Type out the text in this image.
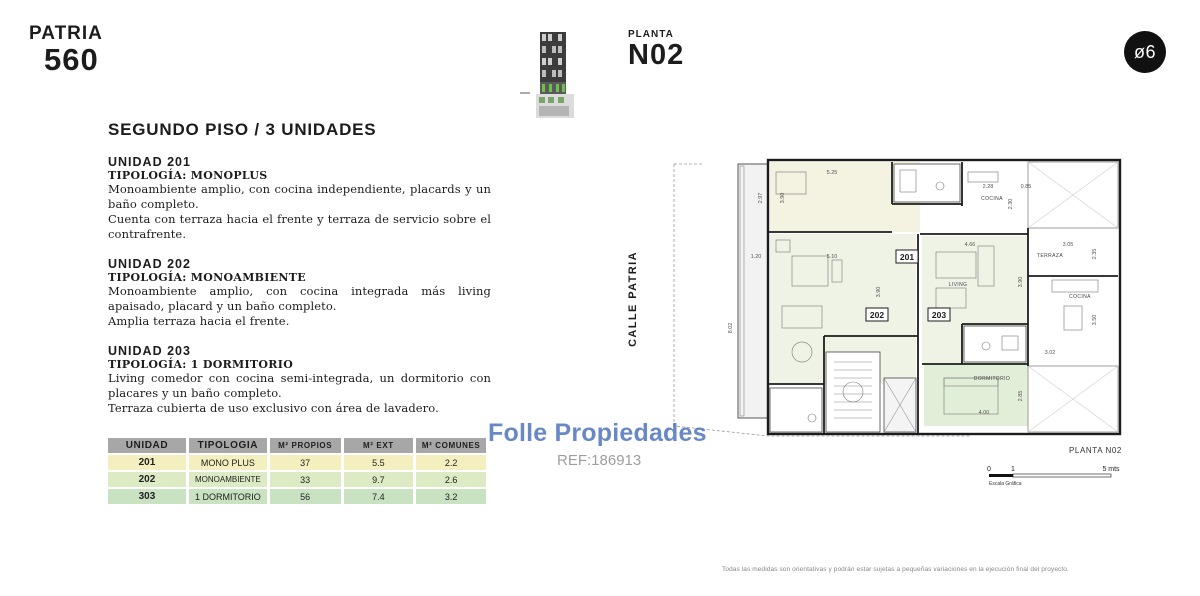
PATRIA
560
PLANTA
N02	ø6
SEGUNDO PISO / 3 UNIDADES
UNIDAD 201
TIPOLOGÍA: MONOPLUS
Monoambiente amplio, con cocina independiente, placards y un baño completo.
Cuenta con terraza hacia el frente y terraza de servicio sobre el contrafrente.
UNIDAD 202
TIPOLOGÍA: MONOAMBIENTE
Monoambiente amplio, con cocina integrada más living apaisado, placard y un baño completo.
Amplia terraza hacia el frente.
UNIDAD 203
TIPOLOGÍA: 1 DORMITORIO
Living comedor con cocina semi-integrada, un dormitorio con placares y un baño completo.
Terraza cubierta de uso exclusivo con área de lavadero.
UNIDAD	TIPOLOGIA	M² PROPIOS	M² EXT	M² COMUNES
201	MONO PLUS	37	5.5	2.2
202	MONOAMBIENTE	33	9.7	2.6
303	1 DORMITORIO	56	7.4	3.2
CALLE PATRIA	201
202	203
COCINA
COCINA
LIVING
TERRAZA
DORMITORIO
5.25
2.28	0.85
3.90
2.97
2.30
4.66	3.05
5.10
1.20
3.90
2.35
3.90
3.50
3.02
8.02
2.85
4.00
Folle Propiedades
REF:186913
PLANTA N02
0	1	5 mts
Escala Gráfica
Todas las medidas son orientativas y podrán estar sujetas a pequeñas variaciones en la ejecución final del proyecto.
